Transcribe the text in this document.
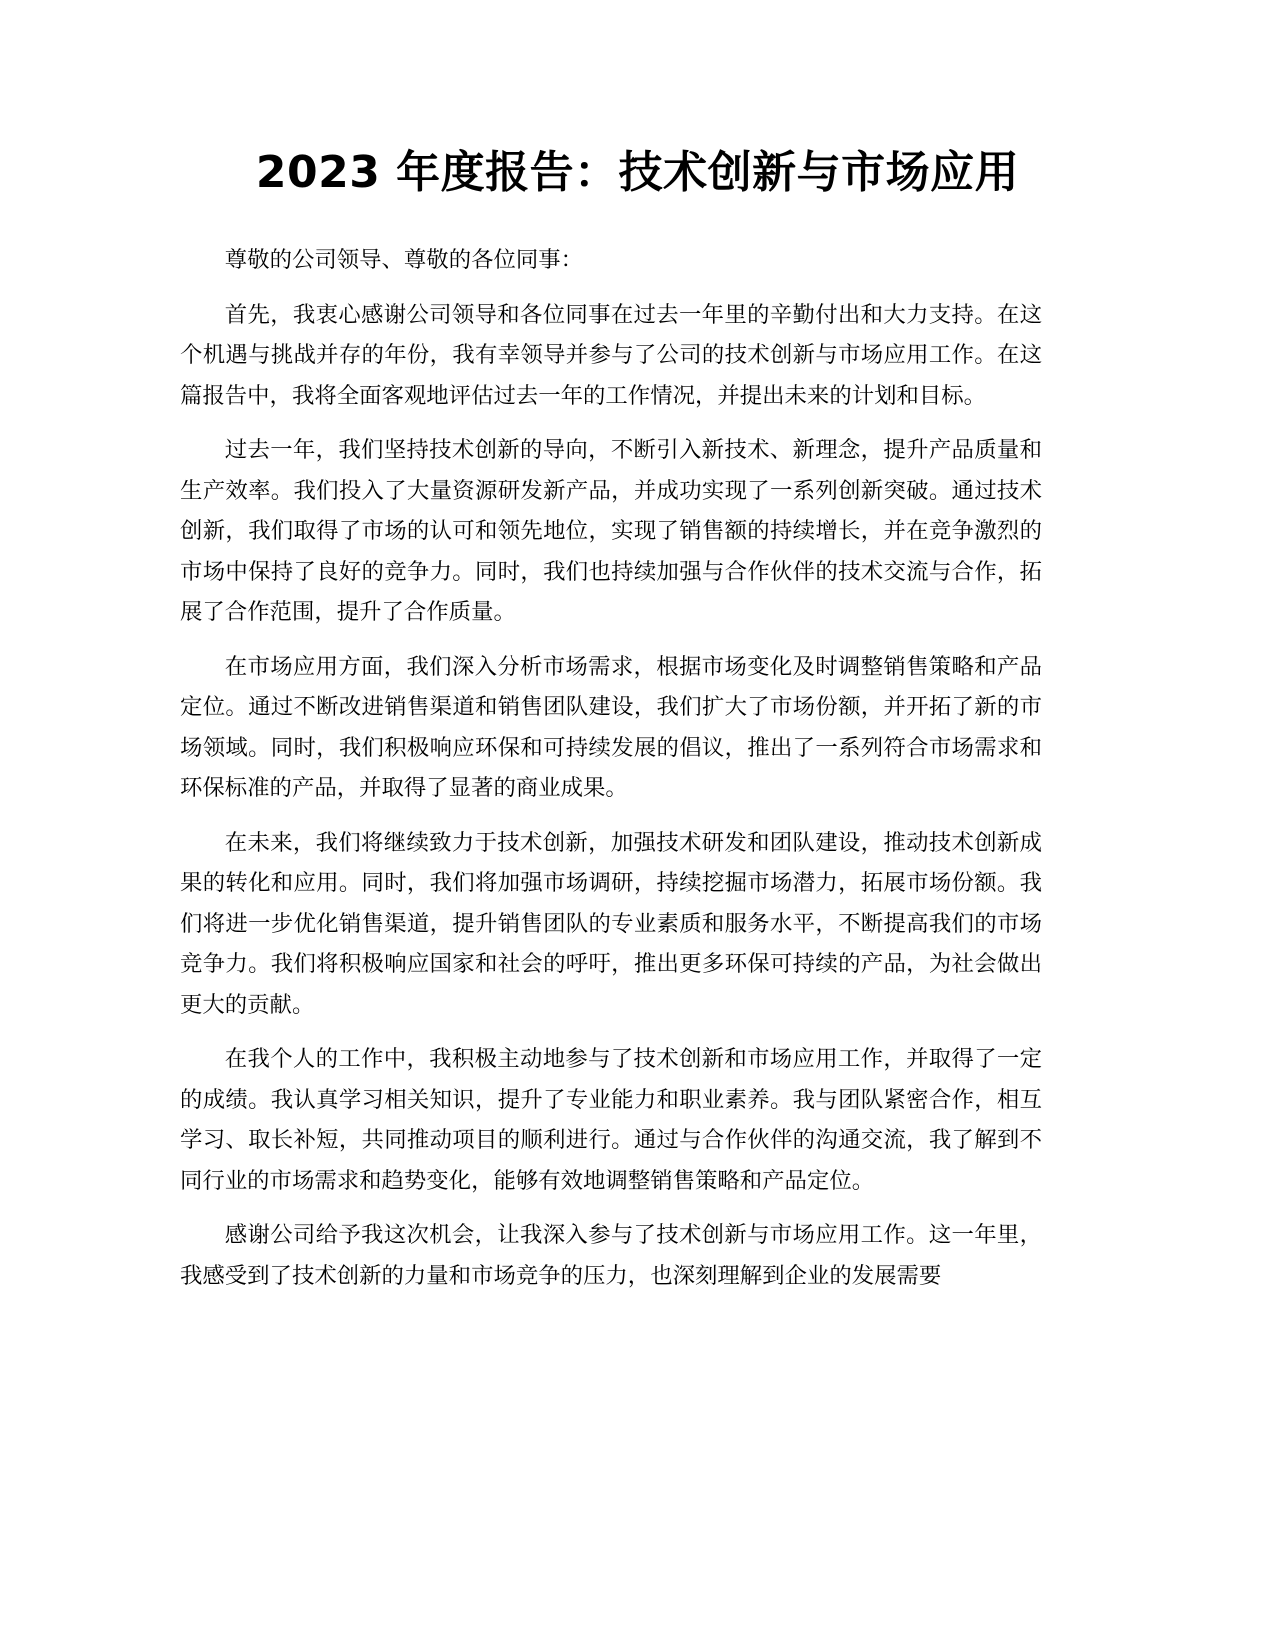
2023 年度报告：技术创新与市场应用

尊敬的公司领导、尊敬的各位同事：

首先，我衷心感谢公司领导和各位同事在过去一年里的辛勤付出和大力支持。在这个机遇与挑战并存的年份，我有幸领导并参与了公司的技术创新与市场应用工作。在这篇报告中，我将全面客观地评估过去一年的工作情况，并提出未来的计划和目标。

过去一年，我们坚持技术创新的导向，不断引入新技术、新理念，提升产品质量和生产效率。我们投入了大量资源研发新产品，并成功实现了一系列创新突破。通过技术创新，我们取得了市场的认可和领先地位，实现了销售额的持续增长，并在竞争激烈的市场中保持了良好的竞争力。同时，我们也持续加强与合作伙伴的技术交流与合作，拓展了合作范围，提升了合作质量。

在市场应用方面，我们深入分析市场需求，根据市场变化及时调整销售策略和产品定位。通过不断改进销售渠道和销售团队建设，我们扩大了市场份额，并开拓了新的市场领域。同时，我们积极响应环保和可持续发展的倡议，推出了一系列符合市场需求和环保标准的产品，并取得了显著的商业成果。

在未来，我们将继续致力于技术创新，加强技术研发和团队建设，推动技术创新成果的转化和应用。同时，我们将加强市场调研，持续挖掘市场潜力，拓展市场份额。我们将进一步优化销售渠道，提升销售团队的专业素质和服务水平，不断提高我们的市场竞争力。我们将积极响应国家和社会的呼吁，推出更多环保可持续的产品，为社会做出更大的贡献。

在我个人的工作中，我积极主动地参与了技术创新和市场应用工作，并取得了一定的成绩。我认真学习相关知识，提升了专业能力和职业素养。我与团队紧密合作，相互学习、取长补短，共同推动项目的顺利进行。通过与合作伙伴的沟通交流，我了解到不同行业的市场需求和趋势变化，能够有效地调整销售策略和产品定位。

感谢公司给予我这次机会，让我深入参与了技术创新与市场应用工作。这一年里，我感受到了技术创新的力量和市场竞争的压力，也深刻理解到企业的发展需要
